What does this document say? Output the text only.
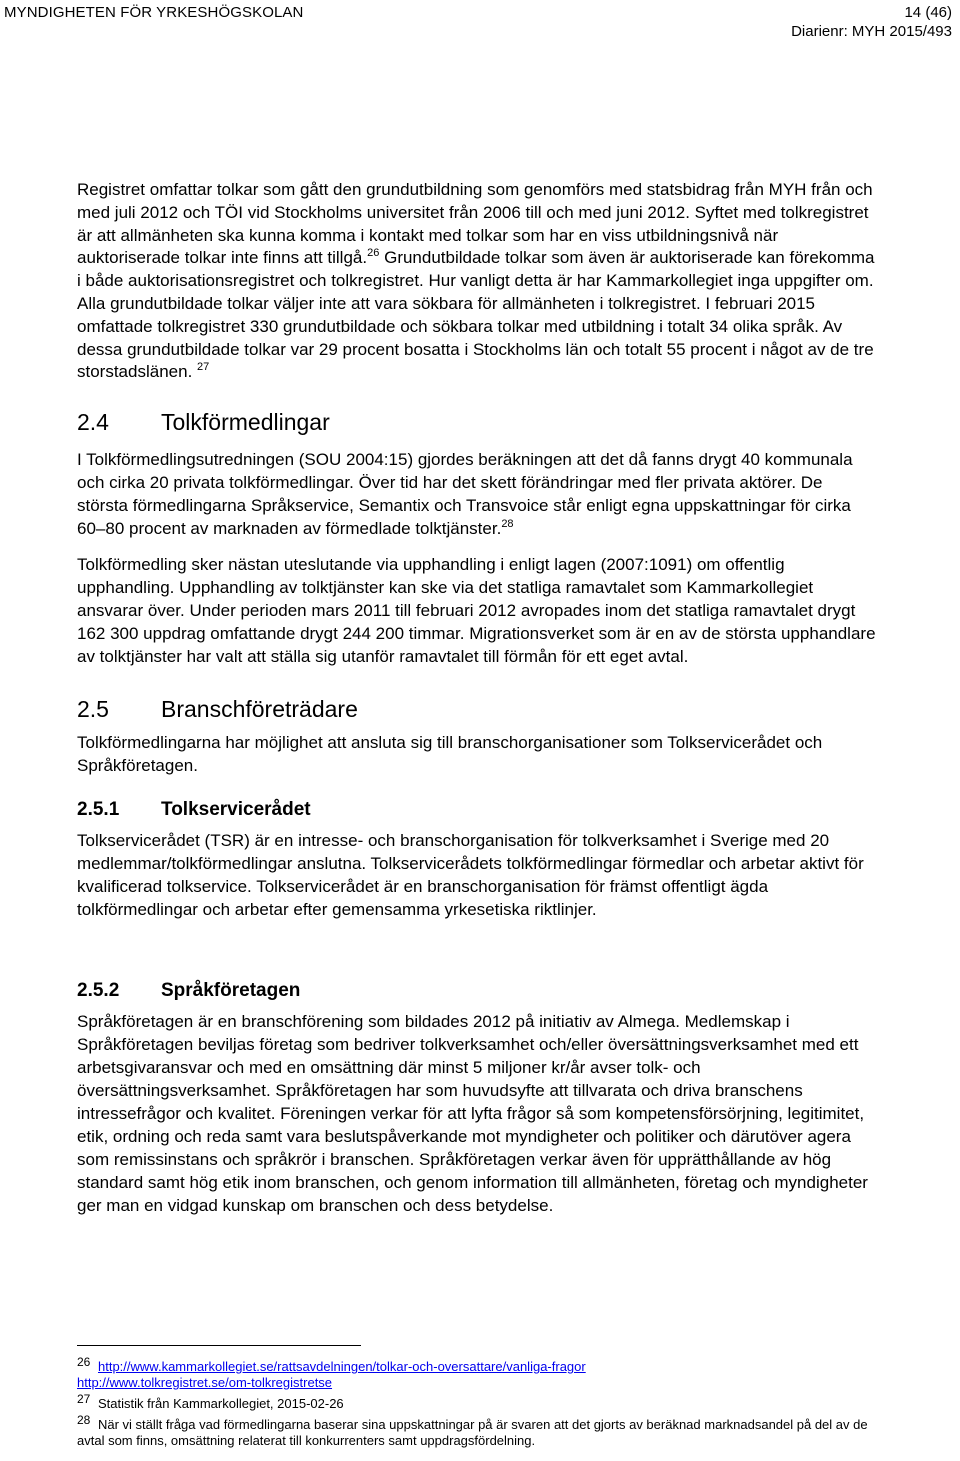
MYNDIGHETEN FÖR YRKESHÖGSKOLAN	14 (46)
Diarienr: MYH 2015/493

Registret omfattar tolkar som gått den grundutbildning som genomförs med statsbidrag från MYH från och med juli 2012 och TÖI vid Stockholms universitet från 2006 till och med juni 2012. Syftet med tolkregistret är att allmänheten ska kunna komma i kontakt med tolkar som har en viss utbildningsnivå när auktoriserade tolkar inte finns att tillgå.$^{26}$ Grundutbildade tolkar som även är auktoriserade kan förekomma i både auktorisationsregistret och tolkregistret. Hur vanligt detta är har Kammarkollegiet inga uppgifter om. Alla grundutbildade tolkar väljer inte att vara sökbara för allmänheten i tolkregistret. I februari 2015 omfattade tolkregistret 330 grundutbildade och sökbara tolkar med utbildning i totalt 34 olika språk. Av dessa grundutbildade tolkar var 29 procent bosatta i Stockholms län och totalt 55 procent i något av de tre storstadslänen. $^{27}$

2.4	Tolkförmedlingar

I Tolkförmedlingsutredningen (SOU 2004:15) gjordes beräkningen att det då fanns drygt 40 kommunala och cirka 20 privata tolkförmedlingar. Över tid har det skett förändringar med fler privata aktörer. De största förmedlingarna Språkservice, Semantix och Transvoice står enligt egna uppskattningar för cirka 60–80 procent av marknaden av förmedlade tolktjänster.$^{28}$

Tolkförmedling sker nästan uteslutande via upphandling i enligt lagen (2007:1091) om offentlig upphandling. Upphandling av tolktjänster kan ske via det statliga ramavtalet som Kammarkollegiet ansvarar över. Under perioden mars 2011 till februari 2012 avropades inom det statliga ramavtalet drygt 162 300 uppdrag omfattande drygt 244 200 timmar. Migrationsverket som är en av de största upphandlare av tolktjänster har valt att ställa sig utanför ramavtalet till förmån för ett eget avtal.

2.5	Branschföreträdare

Tolkförmedlingarna har möjlighet att ansluta sig till branschorganisationer som Tolkservicerådet och Språkföretagen.

2.5.1	Tolkservicerådet

Tolkservicerådet (TSR) är en intresse- och branschorganisation för tolkverksamhet i Sverige med 20 medlemmar/tolkförmedlingar anslutna. Tolkservicerådets tolkförmedlingar förmedlar och arbetar aktivt för kvalificerad tolkservice. Tolkservicerådet är en branschorganisation för främst offentligt ägda tolkförmedlingar och arbetar efter gemensamma yrkesetiska riktlinjer.

2.5.2	Språkföretagen

Språkföretagen är en branschförening som bildades 2012 på initiativ av Almega. Medlemskap i Språkföretagen beviljas företag som bedriver tolkverksamhet och/eller översättningsverksamhet med ett arbetsgivaransvar och med en omsättning där minst 5 miljoner kr/år avser tolk- och översättningsverksamhet. Språkföretagen har som huvudsyfte att tillvarata och driva branschens intressefrågor och kvalitet. Föreningen verkar för att lyfta frågor så som kompetensförsörjning, legitimitet, etik, ordning och reda samt vara beslutspåverkande mot myndigheter och politiker och därutöver agera som remissinstans och språkrör i branschen. Språkföretagen verkar även för upprätthållande av hög standard samt hög etik inom branschen, och genom information till allmänheten, företag och myndigheter ger man en vidgad kunskap om branschen och dess betydelse.

26 http://www.kammarkollegiet.se/rattsavdelningen/tolkar-och-oversattare/vanliga-fragor

http://www.tolkregistret.se/om-tolkregistretse

27 Statistik från Kammarkollegiet, 2015-02-26

28 När vi ställt fråga vad förmedlingarna baserar sina uppskattningar på är svaren att det gjorts av beräknad marknadsandel på del av de avtal som finns, omsättning relaterat till konkurrenters samt uppdragsfördelning.
